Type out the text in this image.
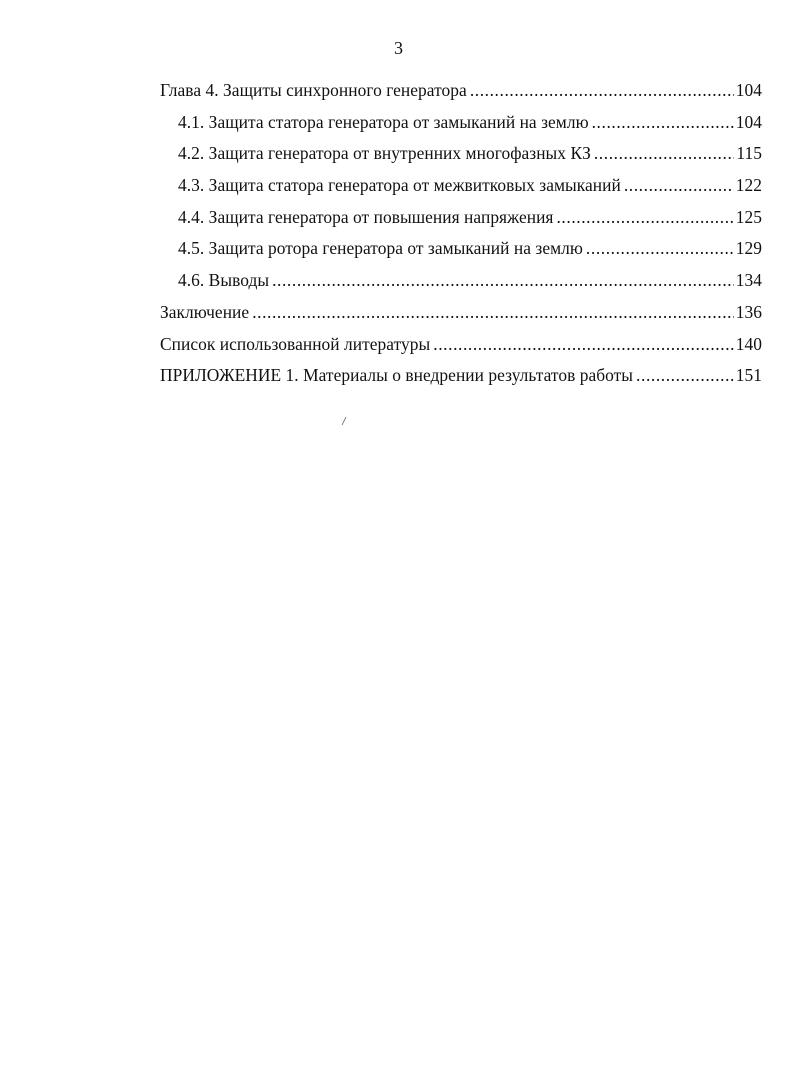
3
Глава 4. Защиты синхронного генератора .....	104
4.1. Защита статора генератора от замыканий на землю .....	104
4.2. Защита генератора от внутренних многофазных КЗ .....	115
4.3. Защита статора генератора от межвитковых замыканий .....	122
4.4. Защита генератора от повышения напряжения .....	125
4.5. Защита ротора генератора от замыканий на землю .....	129
4.6. Выводы .....	134
Заключение .....	136
Список использованной литературы .....	140
ПРИЛОЖЕНИЕ 1. Материалы о внедрении результатов работы .....	151
